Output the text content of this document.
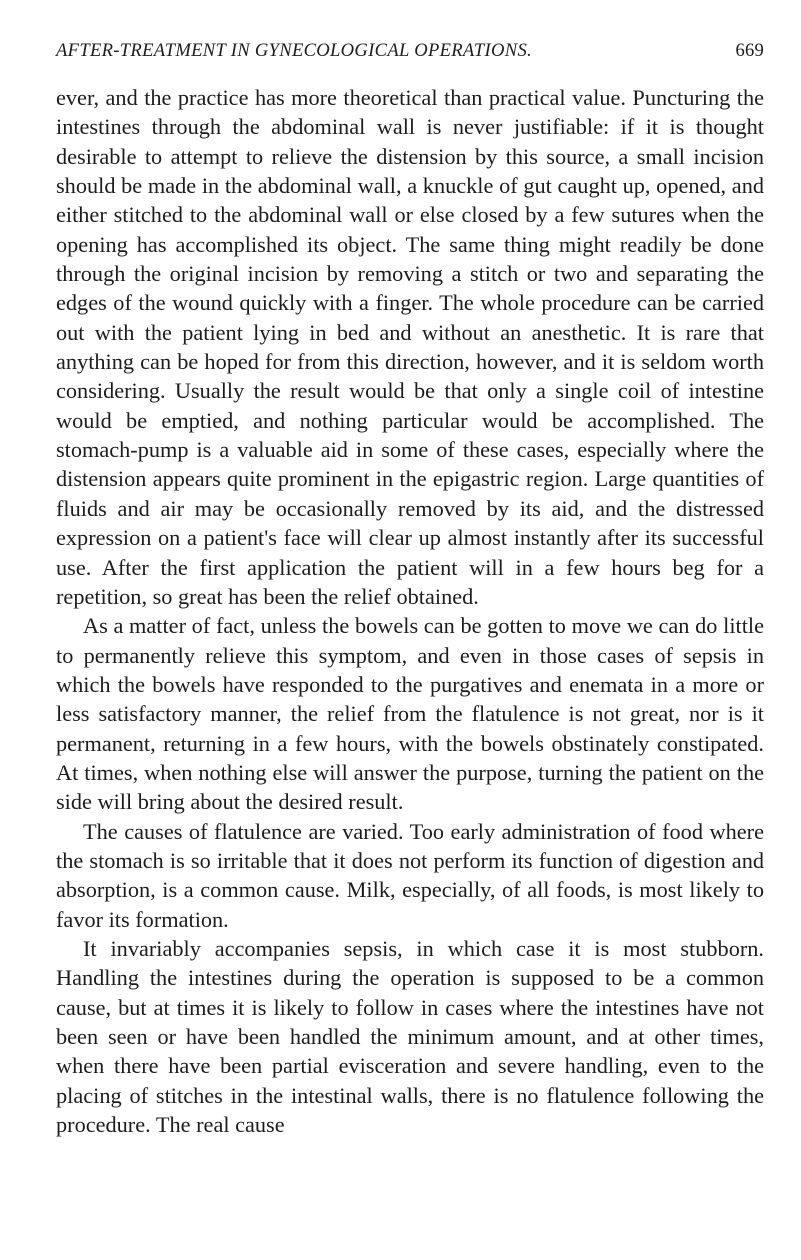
AFTER-TREATMENT IN GYNECOLOGICAL OPERATIONS.	669

ever, and the practice has more theoretical than practical value. Puncturing the intestines through the abdominal wall is never justifiable: if it is thought desirable to attempt to relieve the distension by this source, a small incision should be made in the abdominal wall, a knuckle of gut caught up, opened, and either stitched to the abdominal wall or else closed by a few sutures when the opening has accomplished its object. The same thing might readily be done through the original incision by removing a stitch or two and separating the edges of the wound quickly with a finger. The whole procedure can be carried out with the patient lying in bed and without an anesthetic. It is rare that anything can be hoped for from this direction, however, and it is seldom worth considering. Usually the result would be that only a single coil of intestine would be emptied, and nothing particular would be accomplished. The stomach-pump is a valuable aid in some of these cases, especially where the distension appears quite prominent in the epigastric region. Large quantities of fluids and air may be occasionally removed by its aid, and the distressed expression on a patient's face will clear up almost instantly after its successful use. After the first application the patient will in a few hours beg for a repetition, so great has been the relief obtained.

As a matter of fact, unless the bowels can be gotten to move we can do little to permanently relieve this symptom, and even in those cases of sepsis in which the bowels have responded to the purgatives and enemata in a more or less satisfactory manner, the relief from the flatulence is not great, nor is it permanent, returning in a few hours, with the bowels obstinately constipated. At times, when nothing else will answer the purpose, turning the patient on the side will bring about the desired result.

The causes of flatulence are varied. Too early administration of food where the stomach is so irritable that it does not perform its function of digestion and absorption, is a common cause. Milk, especially, of all foods, is most likely to favor its formation.

It invariably accompanies sepsis, in which case it is most stubborn. Handling the intestines during the operation is supposed to be a common cause, but at times it is likely to follow in cases where the intestines have not been seen or have been handled the minimum amount, and at other times, when there have been partial evisceration and severe handling, even to the placing of stitches in the intestinal walls, there is no flatulence following the procedure. The real cause
